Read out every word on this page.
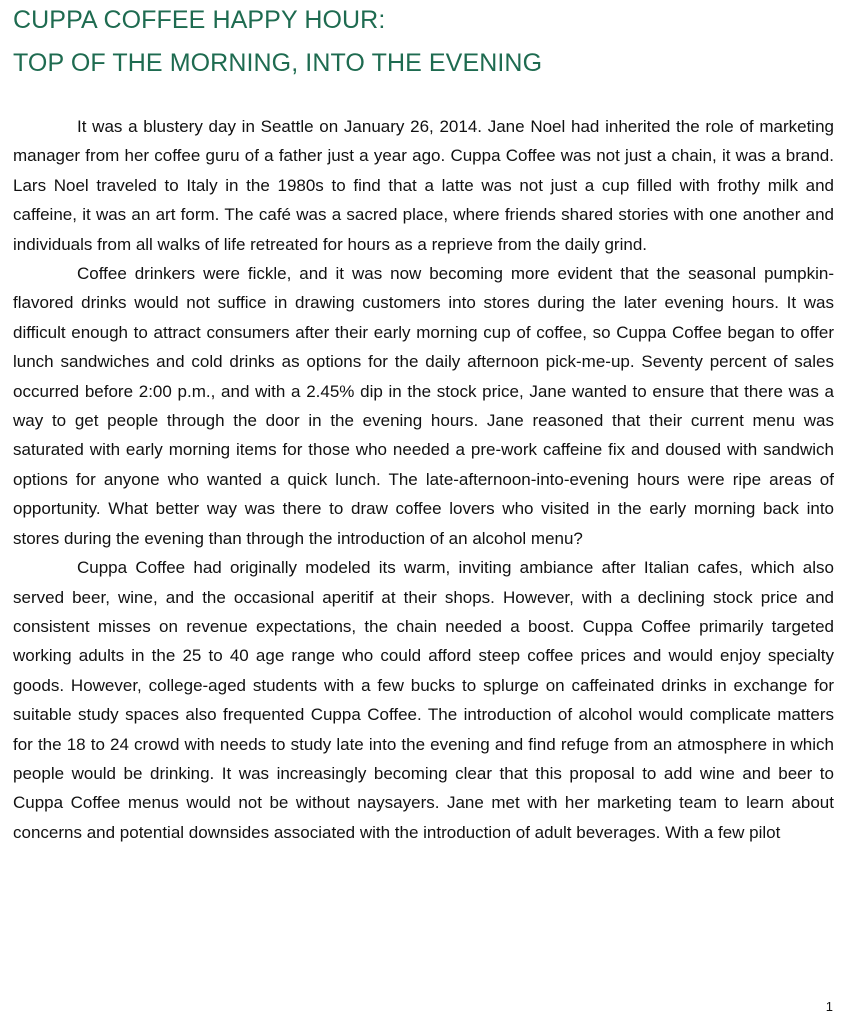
CUPPA COFFEE HAPPY HOUR:
TOP OF THE MORNING, INTO THE EVENING

It was a blustery day in Seattle on January 26, 2014. Jane Noel had inherited the role of marketing manager from her coffee guru of a father just a year ago. Cuppa Coffee was not just a chain, it was a brand. Lars Noel traveled to Italy in the 1980s to find that a latte was not just a cup filled with frothy milk and caffeine, it was an art form. The café was a sacred place, where friends shared stories with one another and individuals from all walks of life retreated for hours as a reprieve from the daily grind.

Coffee drinkers were fickle, and it was now becoming more evident that the seasonal pumpkin-flavored drinks would not suffice in drawing customers into stores during the later evening hours. It was difficult enough to attract consumers after their early morning cup of coffee, so Cuppa Coffee began to offer lunch sandwiches and cold drinks as options for the daily afternoon pick-me-up. Seventy percent of sales occurred before 2:00 p.m., and with a 2.45% dip in the stock price, Jane wanted to ensure that there was a way to get people through the door in the evening hours. Jane reasoned that their current menu was saturated with early morning items for those who needed a pre-work caffeine fix and doused with sandwich options for anyone who wanted a quick lunch. The late-afternoon-into-evening hours were ripe areas of opportunity. What better way was there to draw coffee lovers who visited in the early morning back into stores during the evening than through the introduction of an alcohol menu?

Cuppa Coffee had originally modeled its warm, inviting ambiance after Italian cafes, which also served beer, wine, and the occasional aperitif at their shops. However, with a declining stock price and consistent misses on revenue expectations, the chain needed a boost. Cuppa Coffee primarily targeted working adults in the 25 to 40 age range who could afford steep coffee prices and would enjoy specialty goods. However, college-aged students with a few bucks to splurge on caffeinated drinks in exchange for suitable study spaces also frequented Cuppa Coffee. The introduction of alcohol would complicate matters for the 18 to 24 crowd with needs to study late into the evening and find refuge from an atmosphere in which people would be drinking. It was increasingly becoming clear that this proposal to add wine and beer to Cuppa Coffee menus would not be without naysayers. Jane met with her marketing team to learn about concerns and potential downsides associated with the introduction of adult beverages. With a few pilot

1
